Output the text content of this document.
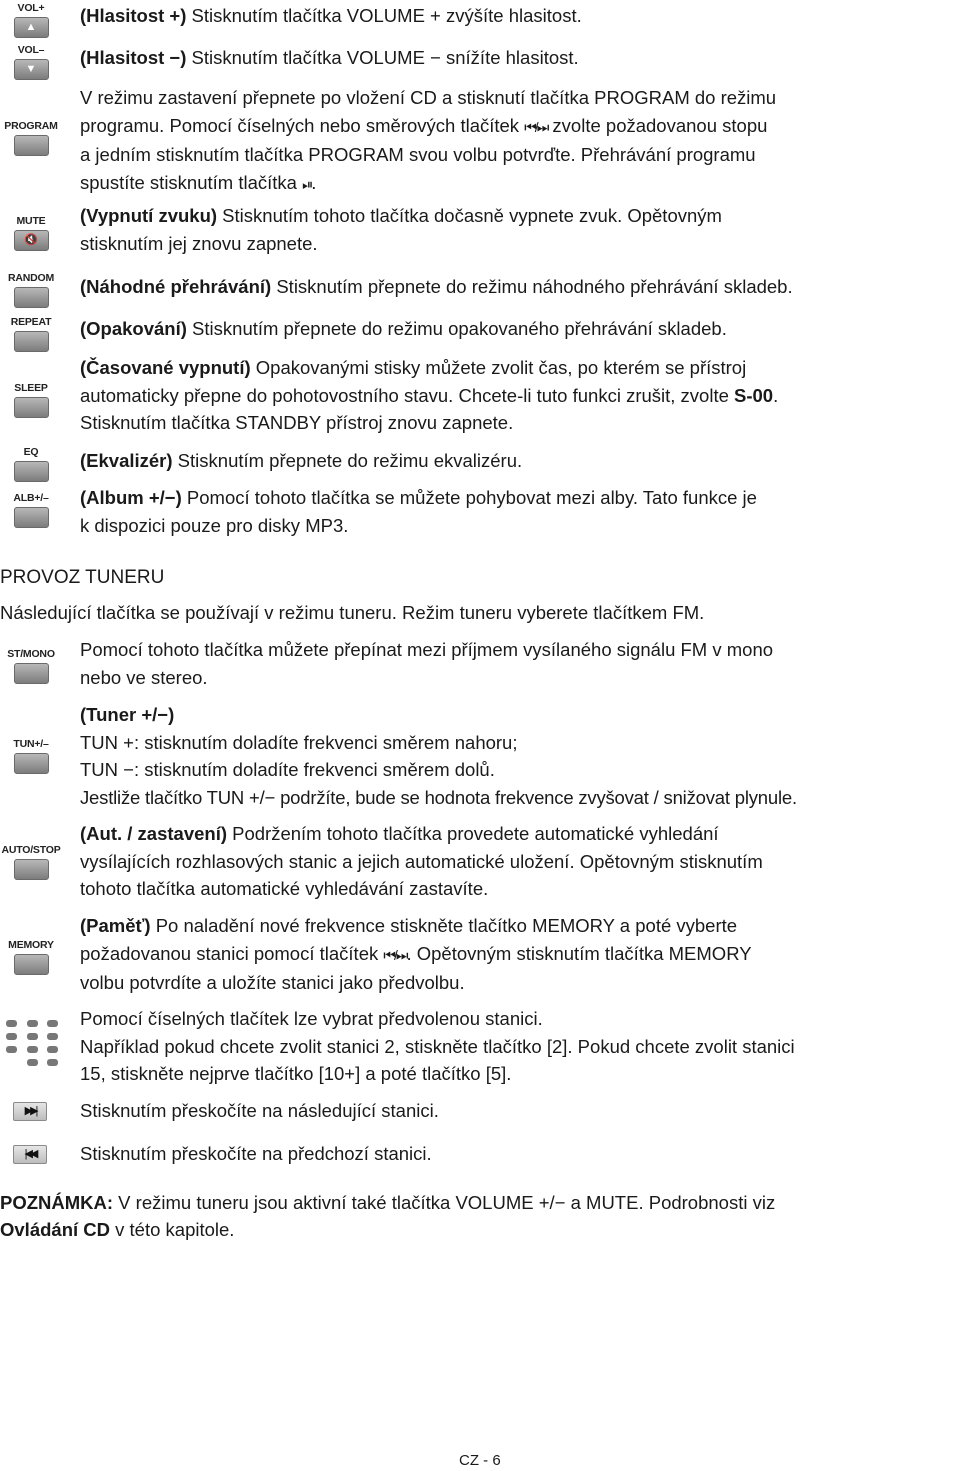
VOL+
▲
VOL–
▼
PROGRAM
MUTE
🔇
RANDOM
REPEAT
SLEEP
EQ
ALB+/–
(Hlasitost +) Stisknutím tlačítka VOLUME + zvýšíte hlasitost.
(Hlasitost −) Stisknutím tlačítka VOLUME − snížíte hlasitost.
V režimu zastavení přepnete po vložení CD a stisknutí tlačítka PROGRAM do režimu
programu. Pomocí číselných nebo směrových tlačítek ⏮/⏭ zvolte požadovanou stopu
a jedním stisknutím tlačítka PROGRAM svou volbu potvrďte. Přehrávání programu
spustíte stisknutím tlačítka ⏯.
(Vypnutí zvuku) Stisknutím tohoto tlačítka dočasně vypnete zvuk. Opětovným
stisknutím jej znovu zapnete.
(Náhodné přehrávání) Stisknutím přepnete do režimu náhodného přehrávání skladeb.
(Opakování) Stisknutím přepnete do režimu opakovaného přehrávání skladeb.
(Časované vypnutí) Opakovanými stisky můžete zvolit čas, po kterém se přístroj
automaticky přepne do pohotovostního stavu. Chcete-li tuto funkci zrušit, zvolte S-00.
Stisknutím tlačítka STANDBY přístroj znovu zapnete.
(Ekvalizér) Stisknutím přepnete do režimu ekvalizéru.
(Album +/−) Pomocí tohoto tlačítka se můžete pohybovat mezi alby. Tato funkce je
k dispozici pouze pro disky MP3.
PROVOZ TUNERU
Následující tlačítka se používají v režimu tuneru. Režim tuneru vyberete tlačítkem FM.
ST/MONO
TUN+/–
AUTO/STOP
MEMORY
▶▶|
|◀◀
Pomocí tohoto tlačítka můžete přepínat mezi příjmem vysílaného signálu FM v mono
nebo ve stereo.
(Tuner +/−)
TUN +: stisknutím doladíte frekvenci směrem nahoru;
TUN −: stisknutím doladíte frekvenci směrem dolů.
Jestliže tlačítko TUN +/− podržíte, bude se hodnota frekvence zvyšovat / snižovat plynule.
(Aut. / zastavení) Podržením tohoto tlačítka provedete automatické vyhledání
vysílajících rozhlasových stanic a jejich automatické uložení. Opětovným stisknutím
tohoto tlačítka automatické vyhledávání zastavíte.
(Paměť) Po naladění nové frekvence stiskněte tlačítko MEMORY a poté vyberte
požadovanou stanici pomocí tlačítek ⏮/⏭. Opětovným stisknutím tlačítka MEMORY
volbu potvrdíte a uložíte stanici jako předvolbu.
Pomocí číselných tlačítek lze vybrat předvolenou stanici.
Například pokud chcete zvolit stanici 2, stiskněte tlačítko [2]. Pokud chcete zvolit stanici
15, stiskněte nejprve tlačítko [10+] a poté tlačítko [5].
Stisknutím přeskočíte na následující stanici.
Stisknutím přeskočíte na předchozí stanici.
POZNÁMKA: V režimu tuneru jsou aktivní také tlačítka VOLUME +/− a MUTE. Podrobnosti viz
Ovládání CD v této kapitole.
CZ - 6
